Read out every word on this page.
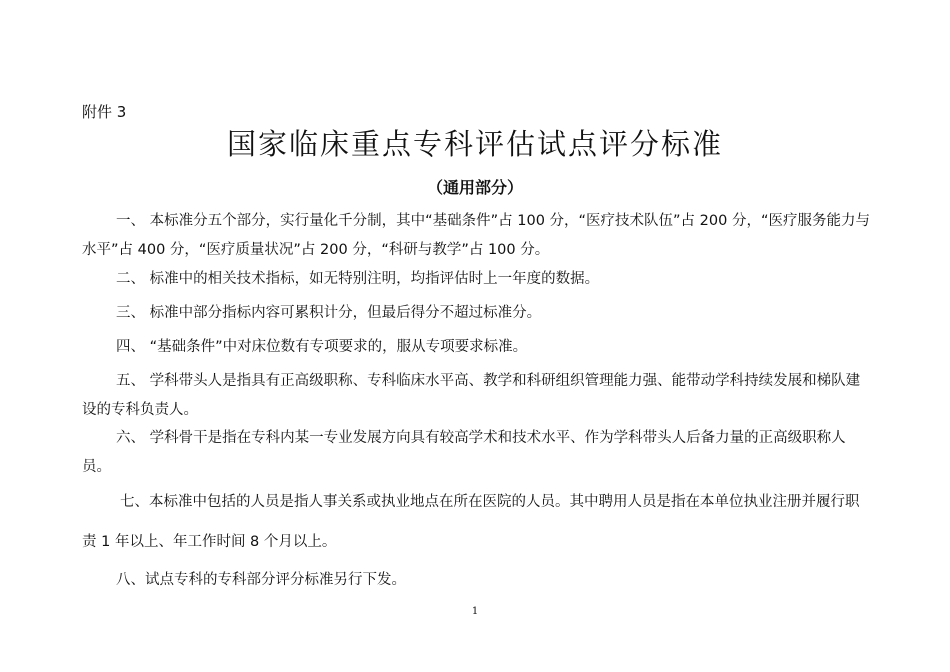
附件 3
国家临床重点专科评估试点评分标准
（通用部分）
一、 本标准分五个部分，实行量化千分制，其中“基础条件”占 100 分，“医疗技术队伍”占 200 分，“医疗服务能力与水平”占 400 分，“医疗质量状况”占 200 分，“科研与教学”占 100 分。
二、 标准中的相关技术指标，如无特别注明，均指评估时上一年度的数据。
三、 标准中部分指标内容可累积计分，但最后得分不超过标准分。
四、 “基础条件”中对床位数有专项要求的，服从专项要求标准。
五、 学科带头人是指具有正高级职称、专科临床水平高、教学和科研组织管理能力强、能带动学科持续发展和梯队建设的专科负责人。
六、 学科骨干是指在专科内某一专业发展方向具有较高学术和技术水平、作为学科带头人后备力量的正高级职称人员。
七、本标准中包括的人员是指人事关系或执业地点在所在医院的人员。其中聘用人员是指在本单位执业注册并履行职责 1 年以上、年工作时间 8 个月以上。
八、试点专科的专科部分评分标准另行下发。
1
